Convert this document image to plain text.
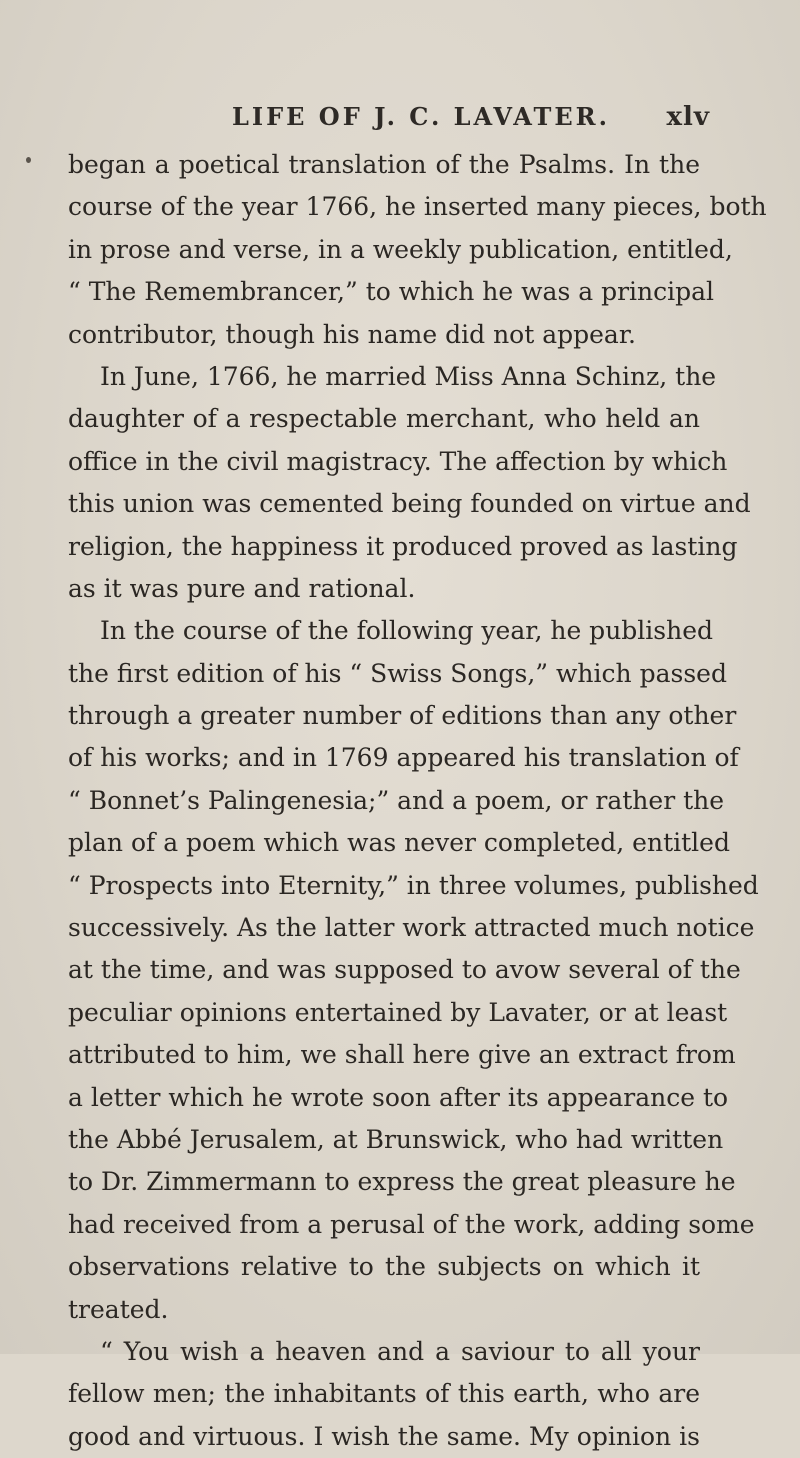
LIFE OF J. C. LAVATER. xlv
began a poetical translation of the Psalms. In the
course of the year 1766, he inserted many pieces, both
in prose and verse, in a weekly publication, entitled,
“ The Remembrancer,” to which he was a principal
contributor, though his name did not appear.
In June, 1766, he married Miss Anna Schinz, the
daughter of a respectable merchant, who held an
office in the civil magistracy. The affection by which
this union was cemented being founded on virtue and
religion, the happiness it produced proved as lasting
as it was pure and rational.
In the course of the following year, he published
the first edition of his “ Swiss Songs,” which passed
through a greater number of editions than any other
of his works; and in 1769 appeared his translation of
“ Bonnet’s Palingenesia;” and a poem, or rather the
plan of a poem which was never completed, entitled
“ Prospects into Eternity,” in three volumes, published
successively. As the latter work attracted much notice
at the time, and was supposed to avow several of the
peculiar opinions entertained by Lavater, or at least
attributed to him, we shall here give an extract from
a letter which he wrote soon after its appearance to
the Abbé Jerusalem, at Brunswick, who had written
to Dr. Zimmermann to express the great pleasure he
had received from a perusal of the work, adding some
observations relative to the subjects on which it
treated.
“ You wish a heaven and a saviour to all your
fellow men; the inhabitants of this earth, who are
good and virtuous. I wish the same. My opinion is
